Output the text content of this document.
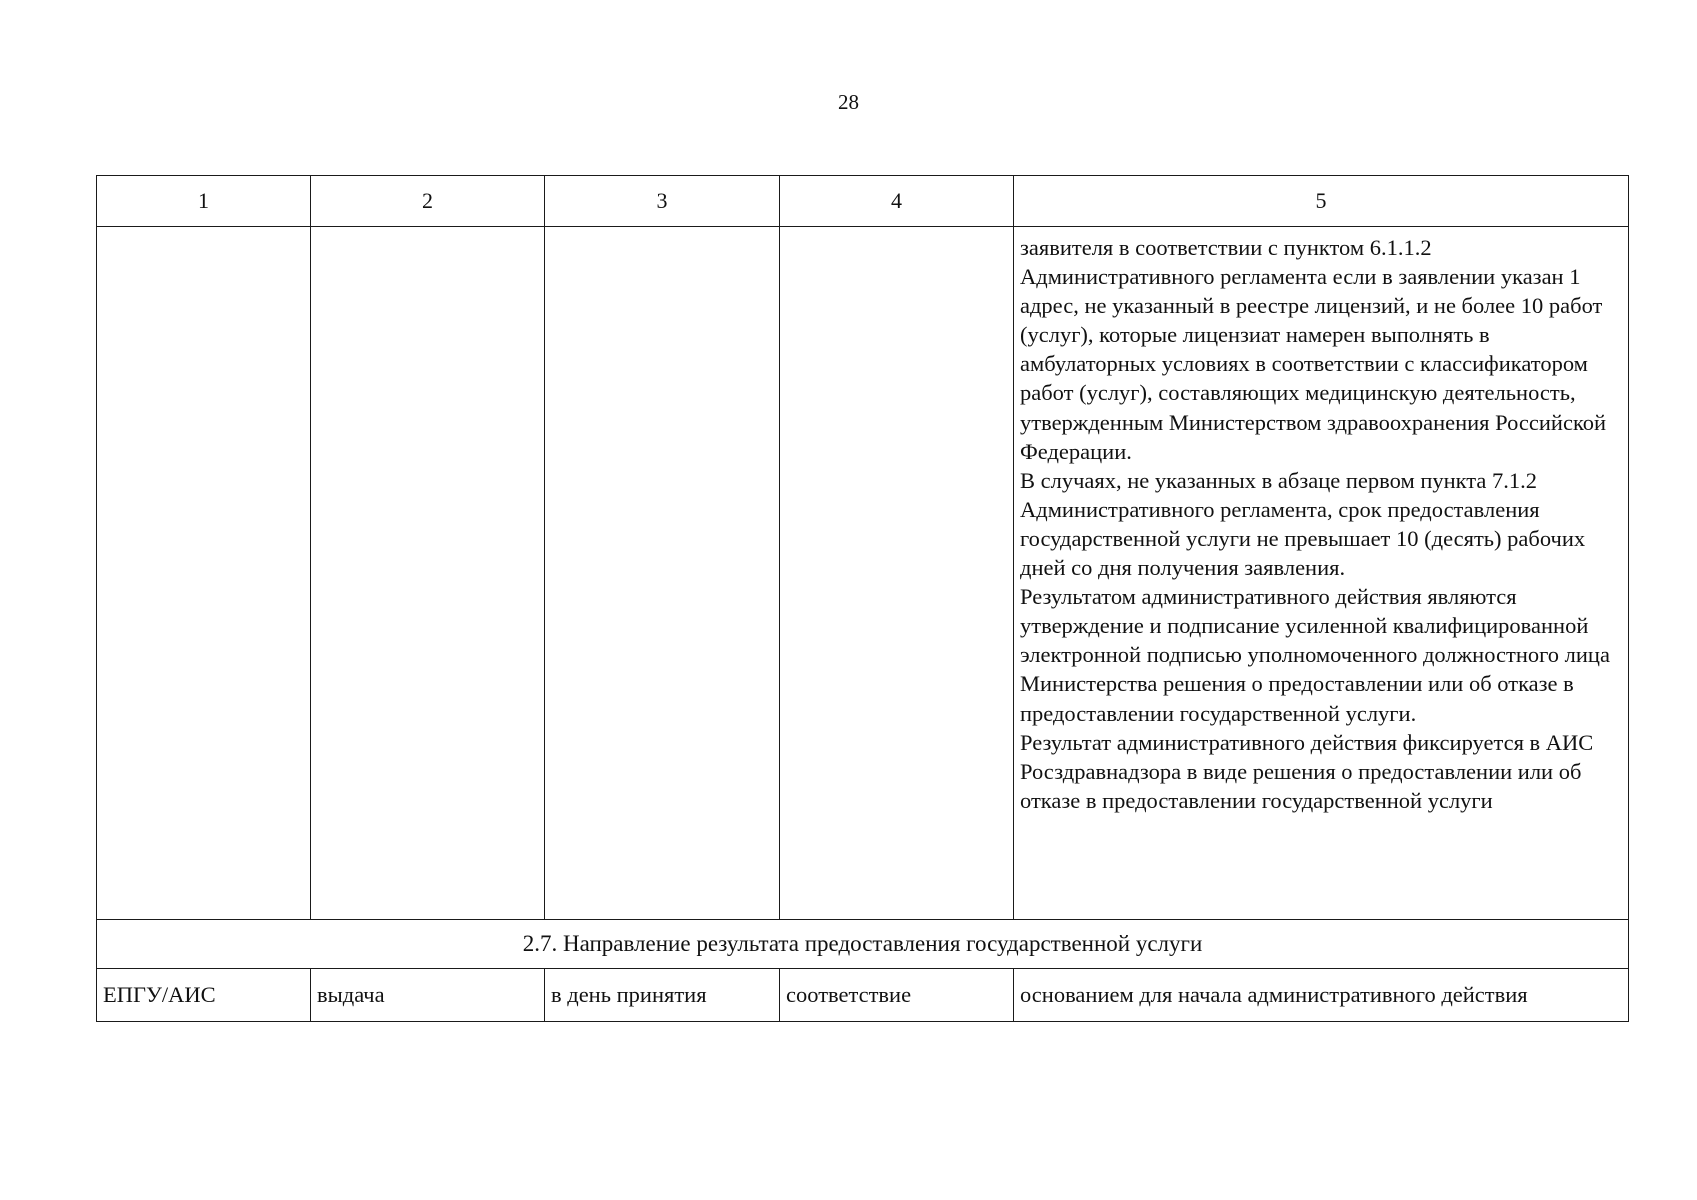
28
1	2	3	4	5

				заявителя в соответствии с пунктом 6.1.1.2 Административного регламента если в заявлении указан 1 адрес, не указанный в реестре лицензий, и не более 10 работ (услуг), которые лицензиат намерен выполнять в амбулаторных условиях в соответствии с классификатором работ (услуг), составляющих медицинскую деятельность, утвержденным Министерством здравоохранения Российской Федерации.
В случаях, не указанных в абзаце первом пункта 7.1.2 Административного регламента, срок предоставления государственной услуги не превышает 10 (десять) рабочих дней со дня получения заявления.
Результатом административного действия являются утверждение и подписание усиленной квалифицированной электронной подписью уполномоченного должностного лица Министерства решения о предоставлении или об отказе в предоставлении государственной услуги.
Результат административного действия фиксируется в АИС Росздравнадзора в виде решения о предоставлении или об отказе в предоставлении государственной услуги

2.7. Направление результата предоставления государственной услуги				
ЕПГУ/АИС	выдача	в день принятия	соответствие	основанием для начала административного действия
